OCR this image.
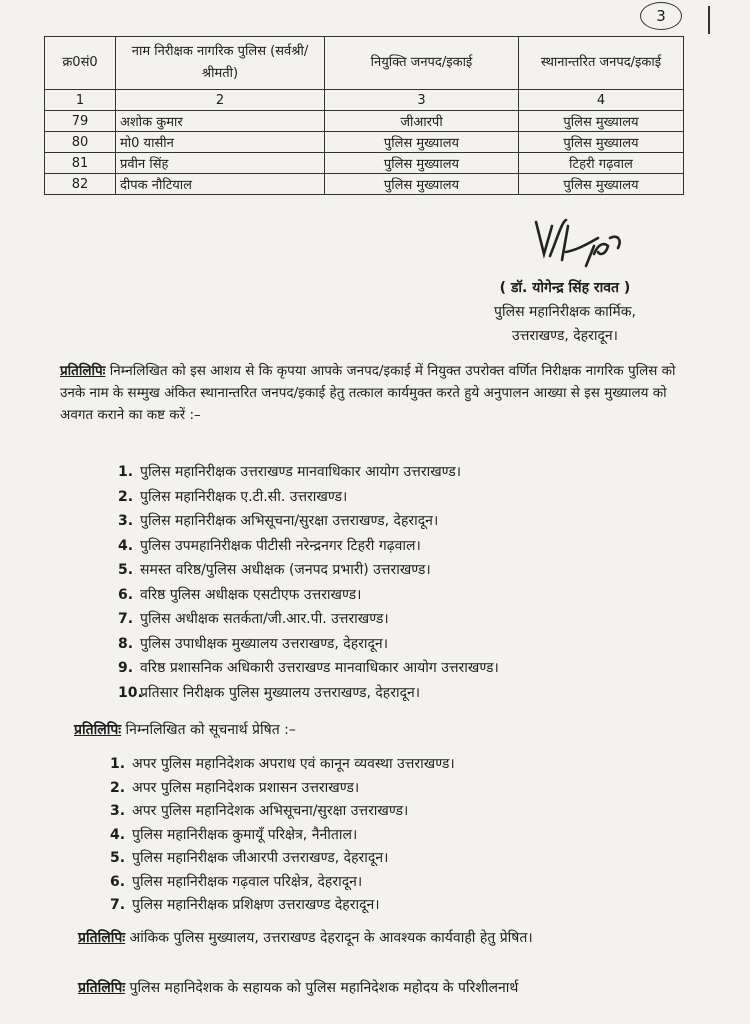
3
क्र0सं0	नाम निरीक्षक नागरिक पुलिस (सर्वश्री/श्रीमती)	नियुक्ति जनपद/इकाई	स्थानान्तरित जनपद/इकाई
1	2	3	4
79	अशोक कुमार	जीआरपी	पुलिस मुख्यालय
80	मो0 यासीन	पुलिस मुख्यालय	पुलिस मुख्यालय
81	प्रवीन सिंह	पुलिस मुख्यालय	टिहरी गढ़वाल
82	दीपक नौटियाल	पुलिस मुख्यालय	पुलिस मुख्यालय
( डॉ. योगेन्द्र सिंह रावत )
पुलिस महानिरीक्षक कार्मिक,
उत्तराखण्ड, देहरादून।
प्रतिलिपिः निम्नलिखित को इस आशय से कि कृपया आपके जनपद/इकाई में नियुक्त उपरोक्त वर्णित निरीक्षक नागरिक पुलिस को उनके नाम के सम्मुख अंकित स्थानान्तरित जनपद/इकाई हेतु तत्काल कार्यमुक्त करते हुये अनुपालन आख्या से इस मुख्यालय को अवगत कराने का कष्ट करें :–
1. पुलिस महानिरीक्षक उत्तराखण्ड मानवाधिकार आयोग उत्तराखण्ड।
2. पुलिस महानिरीक्षक ए.टी.सी. उत्तराखण्ड।
3. पुलिस महानिरीक्षक अभिसूचना/सुरक्षा उत्तराखण्ड, देहरादून।
4. पुलिस उपमहानिरीक्षक पीटीसी नरेन्द्रनगर टिहरी गढ़वाल।
5. समस्त वरिष्ठ/पुलिस अधीक्षक (जनपद प्रभारी) उत्तराखण्ड।
6. वरिष्ठ पुलिस अधीक्षक एसटीएफ उत्तराखण्ड।
7. पुलिस अधीक्षक सतर्कता/जी.आर.पी. उत्तराखण्ड।
8. पुलिस उपाधीक्षक मुख्यालय उत्तराखण्ड, देहरादून।
9. वरिष्ठ प्रशासनिक अधिकारी उत्तराखण्ड मानवाधिकार आयोग उत्तराखण्ड।
10.प्रतिसार निरीक्षक पुलिस मुख्यालय उत्तराखण्ड, देहरादून।
प्रतिलिपिः निम्नलिखित को सूचनार्थ प्रेषित :–
1. अपर पुलिस महानिदेशक अपराध एवं कानून व्यवस्था उत्तराखण्ड।
2. अपर पुलिस महानिदेशक प्रशासन उत्तराखण्ड।
3. अपर पुलिस महानिदेशक अभिसूचना/सुरक्षा उत्तराखण्ड।
4. पुलिस महानिरीक्षक कुमायूँ परिक्षेत्र, नैनीताल।
5. पुलिस महानिरीक्षक जीआरपी उत्तराखण्ड, देहरादून।
6. पुलिस महानिरीक्षक गढ़वाल परिक्षेत्र, देहरादून।
7. पुलिस महानिरीक्षक प्रशिक्षण उत्तराखण्ड देहरादून।
प्रतिलिपिः आंकिक पुलिस मुख्यालय, उत्तराखण्ड देहरादून के आवश्यक कार्यवाही हेतु प्रेषित।
प्रतिलिपिः पुलिस महानिदेशक के सहायक को पुलिस महानिदेशक महोदय के परिशीलनार्थ
